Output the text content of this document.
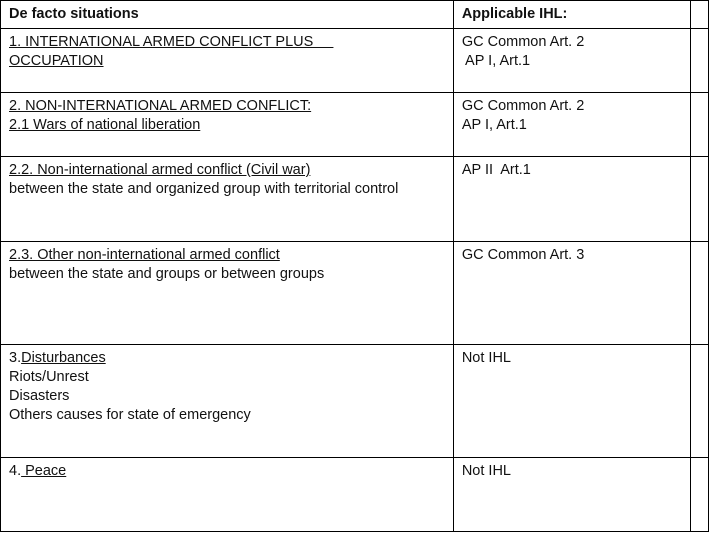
De facto situations	Applicable IHL:	

1. INTERNATIONAL ARMED CONFLICT PLUS
OCCUPATION	GC Common Art. 2
AP I, Art.1	

2. NON-INTERNATIONAL ARMED CONFLICT:
2.1 Wars of national liberation	GC Common Art. 2
AP I, Art.1	

2.2. Non-international armed conflict (Civil war)
between the state and organized group with territorial control	AP II  Art.1	

2.3. Other non-international armed conflict
between the state and groups or between groups	GC Common Art. 3	

3.Disturbances
Riots/Unrest
Disasters
Others causes for state of emergency	Not IHL	

4. Peace	Not IHL	
